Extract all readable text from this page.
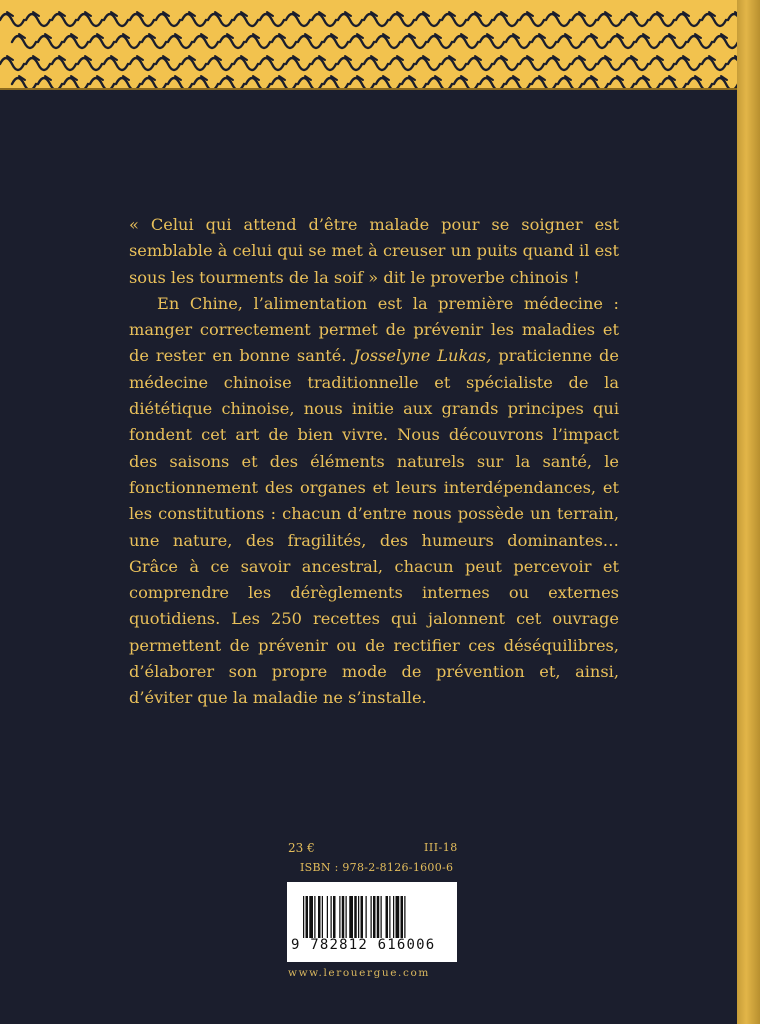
« Celui qui attend d’être malade pour se soigner est semblable à celui qui se met à creuser un puits quand il est sous les tourments de la soif » dit le proverbe chinois !

En Chine, l’alimentation est la première médecine : manger correctement permet de prévenir les maladies et de rester en bonne santé. Josselyne Lukas, praticienne de médecine chinoise traditionnelle et spécialiste de la diététique chinoise, nous initie aux grands principes qui fondent cet art de bien vivre. Nous découvrons l’impact des saisons et des éléments naturels sur la santé, le fonctionnement des organes et leurs interdépendances, et les constitutions : chacun d’entre nous possède un terrain, une nature, des fragilités, des humeurs dominantes… Grâce à ce savoir ancestral, chacun peut percevoir et comprendre les dérèglements internes ou externes quotidiens. Les 250 recettes qui jalonnent cet ouvrage permettent de prévenir ou de rectifier ces déséquilibres, d’élaborer son propre mode de prévention et, ainsi, d’éviter que la maladie ne s’installe.

23 €	III-18
ISBN : 978-2-8126-1600-6
9 782812 616006
www.lerouergue.com
